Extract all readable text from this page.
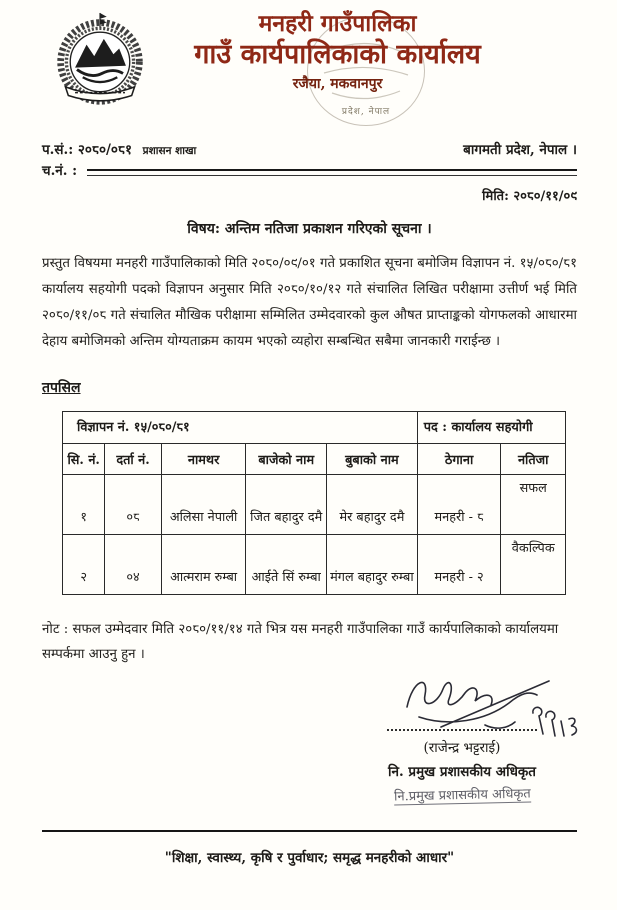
प्रदेश, नेपाल
मनहरी गाउँपालिका
गाउँ कार्यपालिकाको कार्यालय
रजैया, मकवानपुर
प.सं.: २०८०/०८१ प्रशासन शाखा	बागमती प्रदेश, नेपाल ।
च.नं. :
मिति: २०८०/११/०९
विषय: अन्तिम नतिजा प्रकाशन गरिएको सूचना ।

प्रस्तुत विषयमा मनहरी गाउँपालिकाको मिति २०८०/०९/०१ गते प्रकाशित सूचना बमोजिम विज्ञापन नं. १५/०८०/८१ कार्यालय सहयोगी पदको विज्ञापन अनुसार मिति २०८०/१०/१२ गते संचालित लिखित परीक्षामा उत्तीर्ण भई मिति २०८०/११/०८ गते संचालित मौखिक परीक्षामा सम्मिलित उम्मेदवारको कुल औषत प्राप्ताङ्कको योगफलको आधारमा देहाय बमोजिमको अन्तिम योग्यताक्रम कायम भएको व्यहोरा सम्बन्धित सबैमा जानकारी गराईन्छ ।

तपसिल
विज्ञापन नं. १५/०८०/८१					पद : कार्यालय सहयोगी	
सि. नं.	दर्ता नं.	नामथर	बाजेको नाम	बुबाको नाम	ठेगाना	नतिजा
१	०८	अलिसा नेपाली	जित बहादुर दमै	मेर बहादुर दमै	मनहरी - ८	सफल
२	०४	आत्मराम रुम्बा	आईते सिं रुम्बा	मंगल बहादुर रुम्बा	मनहरी - २	वैकल्पिक

नोट : सफल उम्मेदवार मिति २०८०/११/१४ गते भित्र यस मनहरी गाउँपालिका गाउँ कार्यपालिकाको कार्यालयमा सम्पर्कमा आउनु हुन ।

(राजेन्द्र भट्टराई)
नि. प्रमुख प्रशासकीय अधिकृत
नि.प्रमुख प्रशासकीय अधिकृत
"शिक्षा, स्वास्थ्य, कृषि र पुर्वाधार; समृद्ध मनहरीको आधार"
